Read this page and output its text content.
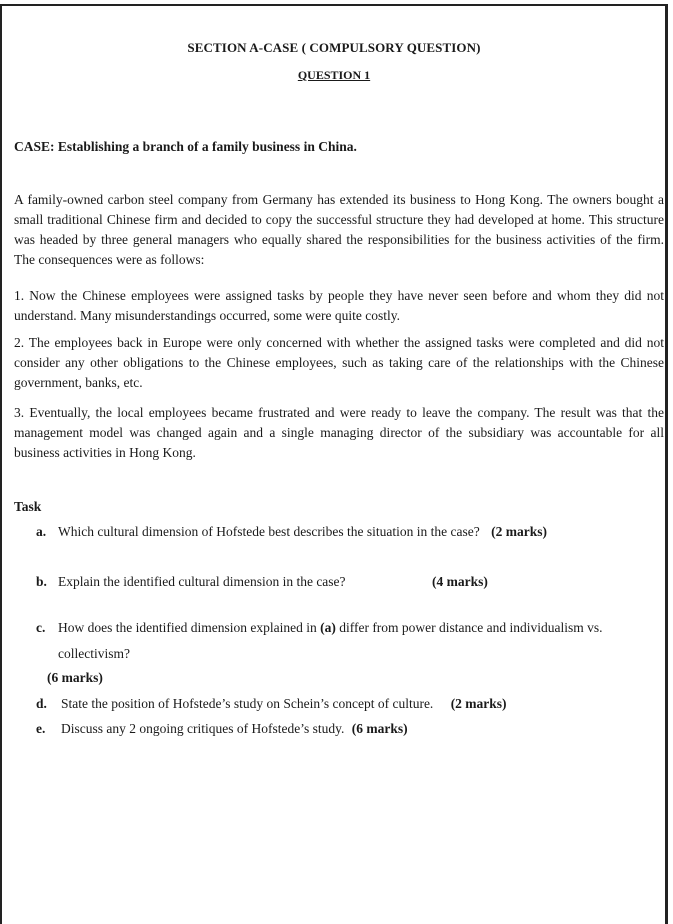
SECTION A-CASE ( COMPULSORY QUESTION)
QUESTION 1
CASE: Establishing a branch of a family business in China.

A family-owned carbon steel company from Germany has extended its business to Hong Kong. The owners bought a small traditional Chinese firm and decided to copy the successful structure they had developed at home. This structure was headed by three general managers who equally shared the responsibilities for the business activities of the firm. The consequences were as follows:

1. Now the Chinese employees were assigned tasks by people they have never seen before and whom they did not understand. Many misunderstandings occurred, some were quite costly.

2. The employees back in Europe were only concerned with whether the assigned tasks were completed and did not consider any other obligations to the Chinese employees, such as taking care of the relationships with the Chinese government, banks, etc.

3. Eventually, the local employees became frustrated and were ready to leave the company. The result was that the management model was changed again and a single managing director of the subsidiary was accountable for all business activities in Hong Kong.

Task
a. Which cultural dimension of Hofstede best describes the situation in the case? (2 marks)
b. Explain the identified cultural dimension in the case?	(4 marks)
c. How does the identified dimension explained in (a) differ from power distance and individualism vs.
collectivism?
(6 marks)
d. State the position of Hofstede’s study on Schein’s concept of culture. (2 marks)
e. Discuss any 2 ongoing critiques of Hofstede’s study. (6 marks)
